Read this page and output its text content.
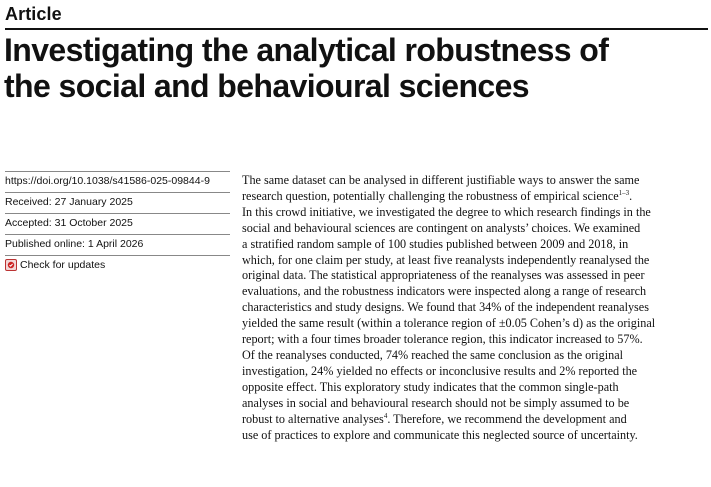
Article
Investigating the analytical robustness of
the social and behavioural sciences
https://doi.org/10.1038/s41586-025-09844-9
Received: 27 January 2025
Accepted: 31 October 2025
Published online: 1 April 2026
Check for updates
The same dataset can be analysed in different justifiable ways to answer the same
research question, potentially challenging the robustness of empirical science$^{1-3}$.
In this crowd initiative, we investigated the degree to which research findings in the
social and behavioural sciences are contingent on analysts’ choices. We examined
a stratified random sample of 100 studies published between 2009 and 2018, in
which, for one claim per study, at least five reanalysts independently reanalysed the
original data. The statistical appropriateness of the reanalyses was assessed in peer
evaluations, and the robustness indicators were inspected along a range of research
characteristics and study designs. We found that 34% of the independent reanalyses
yielded the same result (within a tolerance region of ±0.05 Cohen’s d) as the original
report; with a four times broader tolerance region, this indicator increased to 57%.
Of the reanalyses conducted, 74% reached the same conclusion as the original
investigation, 24% yielded no effects or inconclusive results and 2% reported the
opposite effect. This exploratory study indicates that the common single-path
analyses in social and behavioural research should not be simply assumed to be
robust to alternative analyses$^4$. Therefore, we recommend the development and
use of practices to explore and communicate this neglected source of uncertainty.
